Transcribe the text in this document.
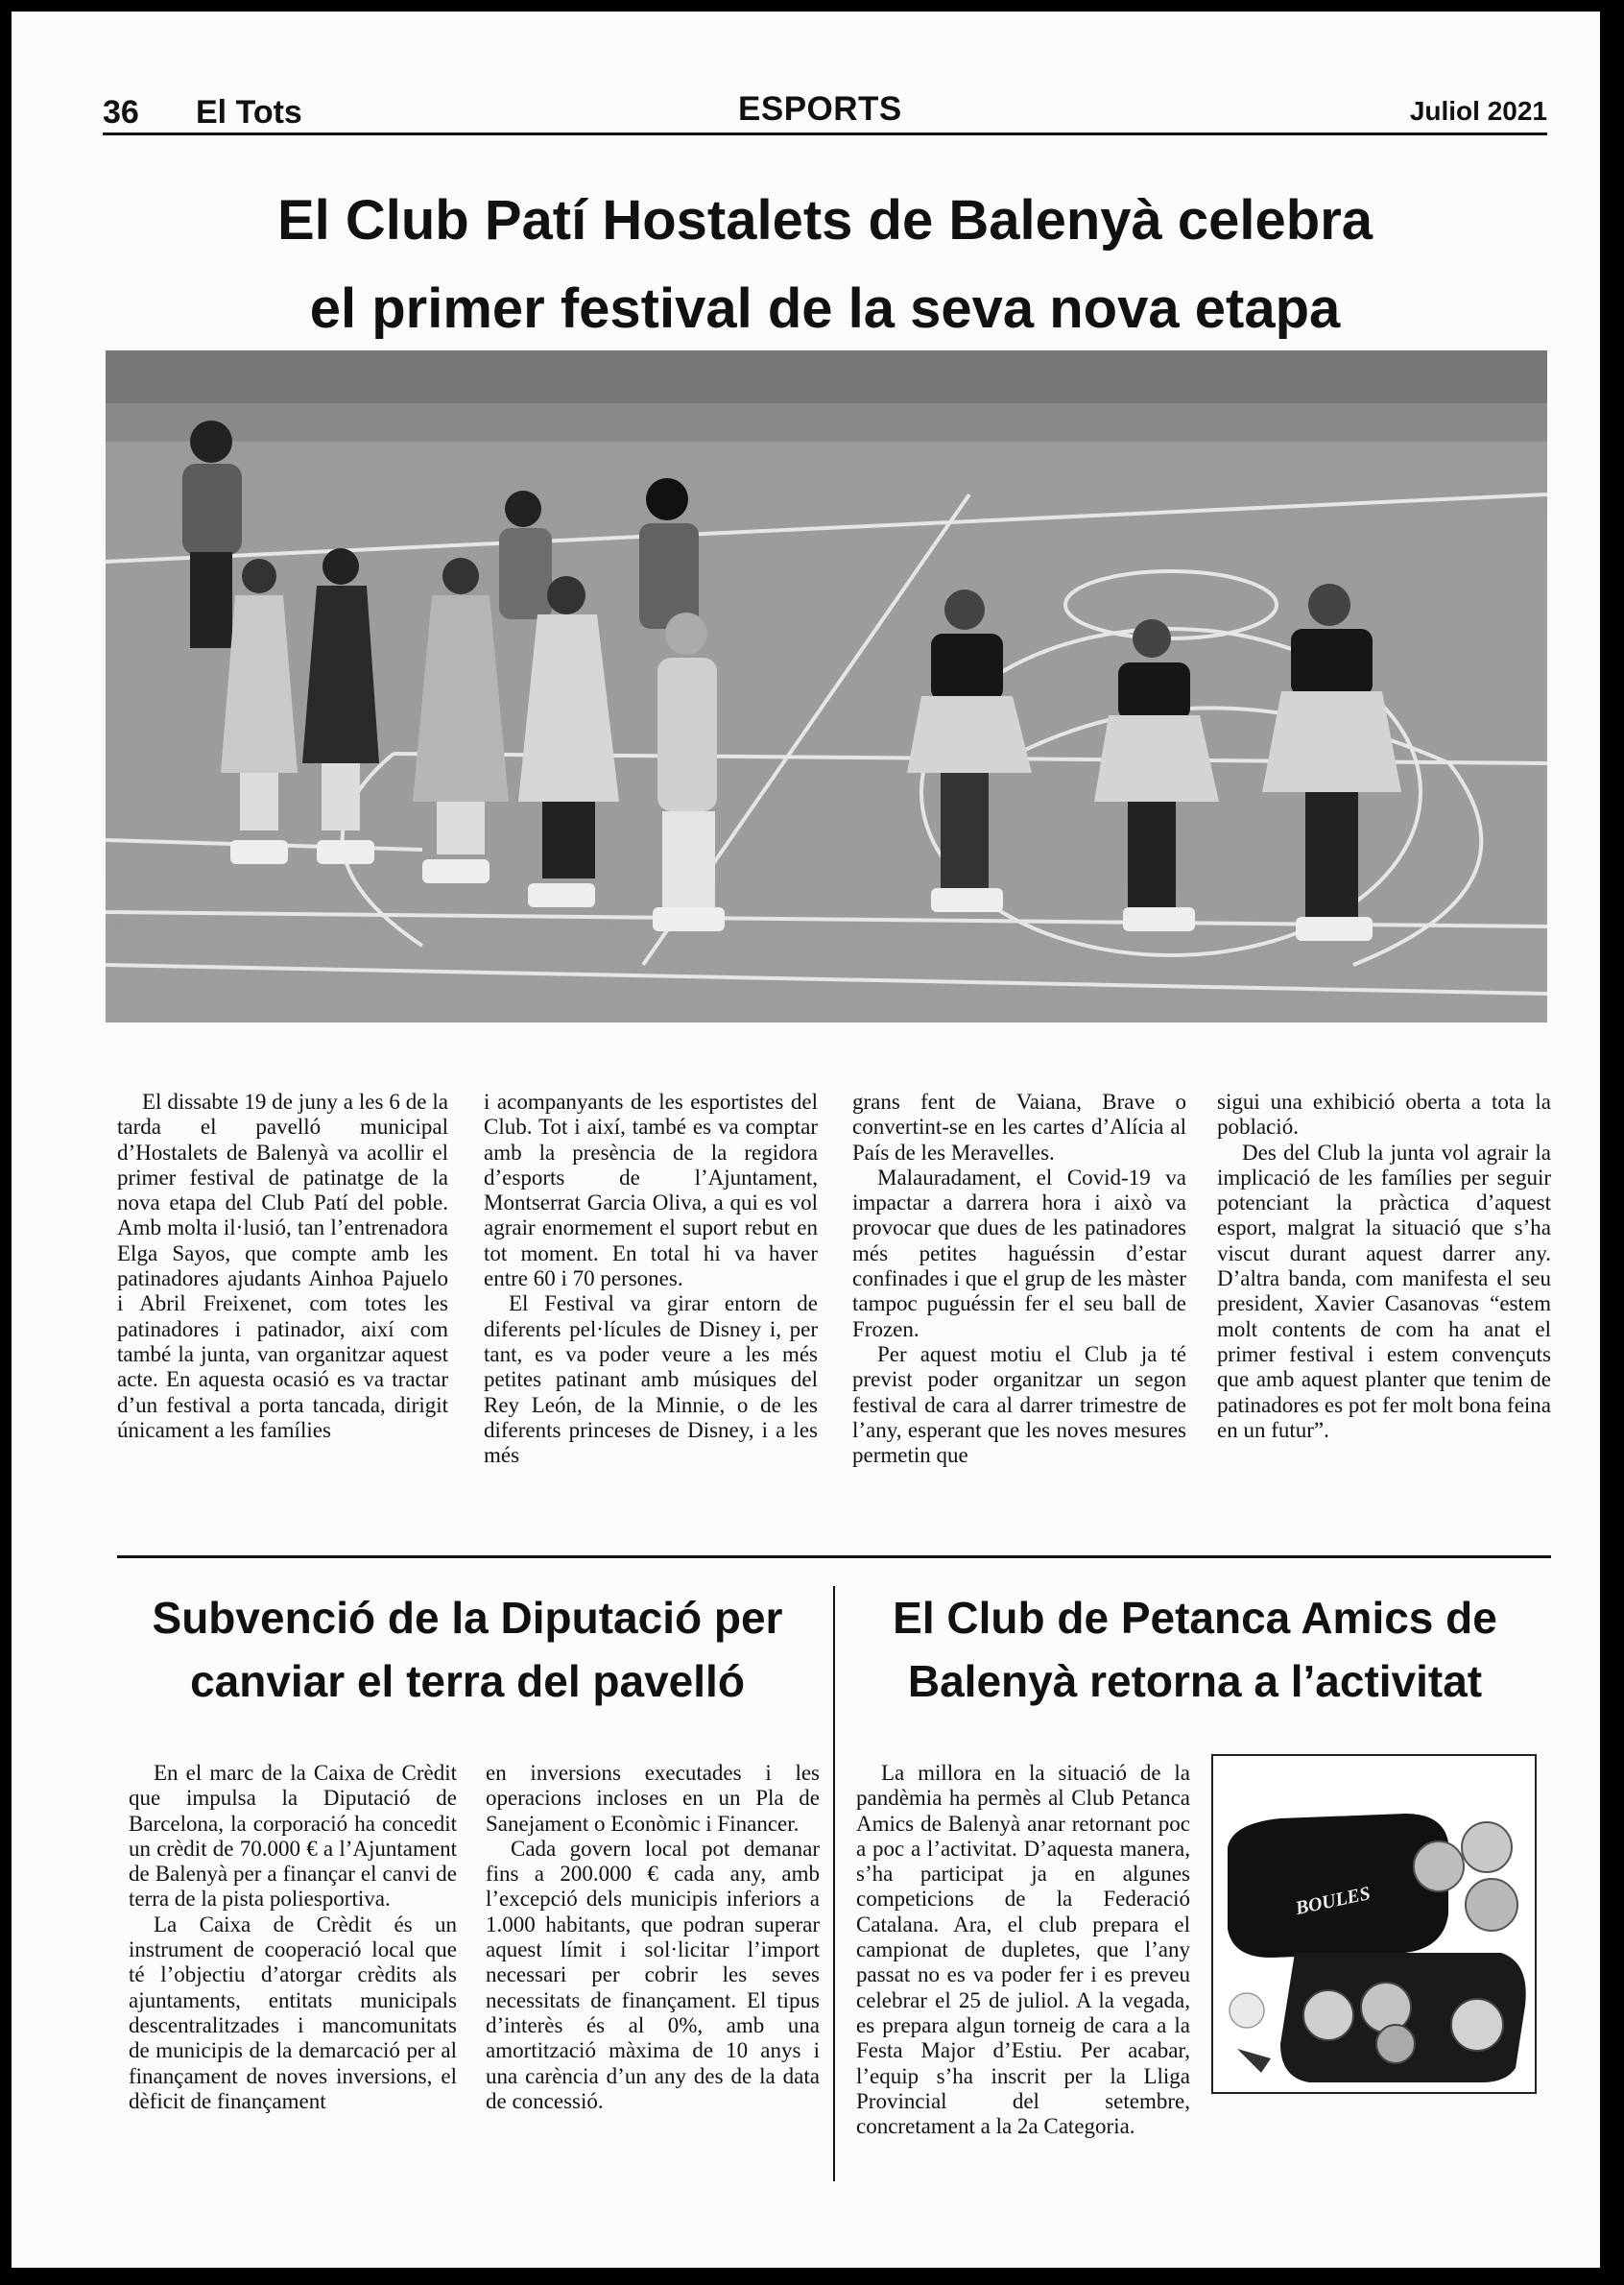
36 El Tots	ESPORTS	Juliol 2021
El Club Patí Hostalets de Balenyà celebra
el primer festival de la seva nova etapa

El dissabte 19 de juny a les 6 de la tarda el pavelló municipal d’Hostalets de Balenyà va acollir el primer festival de patinatge de la nova etapa del Club Patí del poble. Amb molta il·lusió, tan l’entrenadora Elga Sayos, que compte amb les patinadores ajudants Ainhoa Pajuelo i Abril Freixenet, com totes les patinadores i patinador, així com també la junta, van organitzar aquest acte. En aquesta ocasió es va tractar d’un festival a porta tancada, dirigit únicament a les famílies

i acompanyants de les esportistes del Club. Tot i així, també es va comptar amb la presència de la regidora d’esports de l’Ajuntament, Montserrat Garcia Oliva, a qui es vol agrair enormement el suport rebut en tot moment. En total hi va haver entre 60 i 70 persones.

El Festival va girar entorn de diferents pel·lícules de Disney i, per tant, es va poder veure a les més petites patinant amb músiques del Rey León, de la Minnie, o de les diferents princeses de Disney, i a les més

grans fent de Vaiana, Brave o convertint-se en les cartes d’Alícia al País de les Meravelles.

Malauradament, el Covid-19 va impactar a darrera hora i això va provocar que dues de les patinadores més petites haguéssin d’estar confinades i que el grup de les màster tampoc puguéssin fer el seu ball de Frozen.

Per aquest motiu el Club ja té previst poder organitzar un segon festival de cara al darrer trimestre de l’any, esperant que les noves mesures permetin que

sigui una exhibició oberta a tota la població.

Des del Club la junta vol agrair la implicació de les famílies per seguir potenciant la pràctica d’aquest esport, malgrat la situació que s’ha viscut durant aquest darrer any. D’altra banda, com manifesta el seu president, Xavier Casanovas “estem molt contents de com ha anat el primer festival i estem convençuts que amb aquest planter que tenim de patinadores es pot fer molt bona feina en un futur”.

Subvenció de la Diputació per
canviar el terra del pavelló

En el marc de la Caixa de Crèdit que impulsa la Diputació de Barcelona, la corporació ha concedit un crèdit de 70.000 € a l’Ajuntament de Balenyà per a finançar el canvi de terra de la pista poliesportiva.

La Caixa de Crèdit és un instrument de cooperació local que té l’objectiu d’atorgar crèdits als ajuntaments, entitats municipals descentralitzades i mancomunitats de municipis de la demarcació per al finançament de noves inversions, el dèficit de finançament

en inversions executades i les operacions incloses en un Pla de Sanejament o Econòmic i Financer.

Cada govern local pot demanar fins a 200.000 € cada any, amb l’excepció dels municipis inferiors a 1.000 habitants, que podran superar aquest límit i sol·licitar l’import necessari per cobrir les seves necessitats de finançament. El tipus d’interès és al 0%, amb una amortització màxima de 10 anys i una carència d’un any des de la data de concessió.

El Club de Petanca Amics de
Balenyà retorna a l’activitat

La millora en la situació de la pandèmia ha permès al Club Petanca Amics de Balenyà anar retornant poc a poc a l’activitat. D’aquesta manera, s’ha participat ja en algunes competicions de la Federació Catalana. Ara, el club prepara el campionat de dupletes, que l’any passat no es va poder fer i es preveu celebrar el 25 de juliol. A la vegada, es prepara algun torneig de cara a la Festa Major d’Estiu. Per acabar, l’equip s’ha inscrit per la Lliga Provincial del setembre, concretament a la 2a Categoria.

BOULES
